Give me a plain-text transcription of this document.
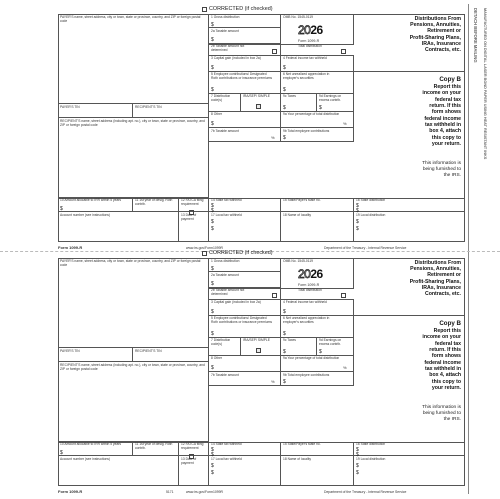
DETACH BEFORE MAILING MANUFACTURED ON DIGITAL LASER BOND PAPER USING HEAT RESISTANT INKS
CORRECTED (if checked)
PAYER'S name, street address, city or town, state or province, country, and ZIP or foreign postal code
PAYER'S TIN	RECIPIENT'S TIN
RECIPIENT'S name, street address (including apt. no.), city or town, state or province, country, and ZIP or foreign postal code
1 Gross distribution
$
OMB No. 1545-0119
2026
Form 1099-R
2a Taxable amount
$
2b Taxable amount not determined
Total distribution
3 Capital gain (included in box 2a)
$
4 Federal income tax withheld
$
5 Employee contributions/ Designated Roth contributions or insurance premiums
$
6 Net unrealized appreciation in employer's securities
$
7 Distribution code(s)
IRA/SEP/ SIMPLE	9c Taxes
$
9d Earnings on excess contrib.
$
8 Other
$
9a Your percentage of total distribution
%
7b Taxable amount
%
9b Total employee contributions
$
Distributions From
Pensions, Annuities,
Retirement or
Profit-Sharing Plans,
IRAs, Insurance
Contracts, etc.
Copy B
Report this
income on your
federal tax
return. If this
form shows
federal income
tax withheld in
box 4, attach
this copy to
your return.
This information is
being furnished to
the IRS.
10 Amount allocable to IRR within 5 years
$
11 1st year of desig. Roth contrib.
12 FATCA filing requirement
14 State tax withheld
$
$
15 State/Payer's state no.	16 State distribution
$
$
Account number (see instructions)	13 Date of payment
17 Local tax withheld
$
$
18 Name of locality	19 Local distribution
$
$
Form 1099-R	www.irs.gov/Form1099R	Department of the Treasury - Internal Revenue Service
CORRECTED (if checked)
PAYER'S name, street address, city or town, state or province, country, and ZIP or foreign postal code
PAYER'S TIN	RECIPIENT'S TIN
RECIPIENT'S name, street address (including apt. no.), city or town, state or province, country, and ZIP or foreign postal code
1 Gross distribution
$
OMB No. 1545-0119
2026
Form 1099-R
2a Taxable amount
$
2b Taxable amount not determined
Total distribution
3 Capital gain (included in box 2a)
$
4 Federal income tax withheld
$
5 Employee contributions/ Designated Roth contributions or insurance premiums
$
6 Net unrealized appreciation in employer's securities
$
7 Distribution code(s)
IRA/SEP/ SIMPLE	9c Taxes
$
9d Earnings on excess contrib.
$
8 Other
$
9a Your percentage of total distribution
%
7b Taxable amount
%
9b Total employee contributions
$
Distributions From
Pensions, Annuities,
Retirement or
Profit-Sharing Plans,
IRAs, Insurance
Contracts, etc.
Copy B
Report this
income on your
federal tax
return. If this
form shows
federal income
tax withheld in
box 4, attach
this copy to
your return.
This information is
being furnished to
the IRS.
10 Amount allocable to IRR within 5 years
$
11 1st year of desig. Roth contrib.
12 FATCA filing requirement
14 State tax withheld
$
$
15 State/Payer's state no.	16 State distribution
$
$
Account number (see instructions)	13 Date of payment
17 Local tax withheld
$
$
18 Name of locality	19 Local distribution
$
$
Form 1099-R	5171	www.irs.gov/Form1099R	Department of the Treasury - Internal Revenue Service
